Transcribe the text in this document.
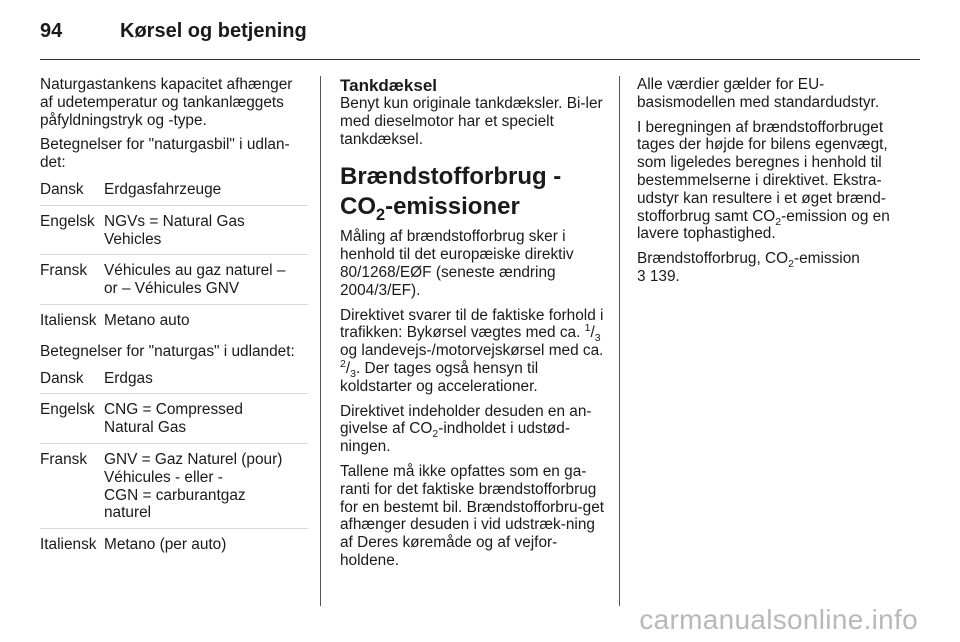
94	Kørsel og betjening

Naturgastankens kapacitet afhænger af udetemperatur og tankanlæggets påfyldningstryk og -type.

Betegnelser for "naturgasbil" i udlan-det:

Dansk	Erdgasfahrzeuge
Engelsk NGVs = Natural Gas
Vehicles
Fransk	Véhicules au gaz naturel –
or – Véhicules GNV
Italiensk Metano auto

Betegnelser for "naturgas" i udlandet:

Dansk	Erdgas
Engelsk CNG = Compressed
Natural Gas
Fransk	GNV = Gaz Naturel (pour)
Véhicules - eller -
CGN = carburantgaz
naturel
Italiensk Metano (per auto)
Tankdæksel

Benyt kun originale tankdæksler. Bi-ler med dieselmotor har et specielt tankdæksel.

Brændstofforbrug -
$CO_2$-emissioner

Måling af brændstofforbrug sker i henhold til det europæiske direktiv 80/1268/EØF (seneste ændring 2004/3/EF).

Direktivet svarer til de faktiske forhold i trafikken: Bykørsel vægtes med ca. $^1/_3$ og landevejs-/motorvejskørsel med ca. $^2/_3$. Der tages også hensyn til koldstarter og accelerationer.

Direktivet indeholder desuden en an-givelse af $CO_2$-indholdet i udstød-ningen.

Tallene må ikke opfattes som en ga-ranti for det faktiske brændstofforbrug for en bestemt bil. Brændstofforbru-get afhænger desuden i vid udstræk-ning af Deres køremåde og af vejfor-holdene.

Alle værdier gælder for EU-basismodellen med standardudstyr.

I beregningen af brændstofforbruget tages der højde for bilens egenvægt, som ligeledes beregnes i henhold til bestemmelserne i direktivet. Ekstra-udstyr kan resultere i et øget brænd-stofforbrug samt $CO_2$-emission og en lavere tophastighed.

Brændstofforbrug, $CO_2$-emission
3 139.

carmanualsonline.info
